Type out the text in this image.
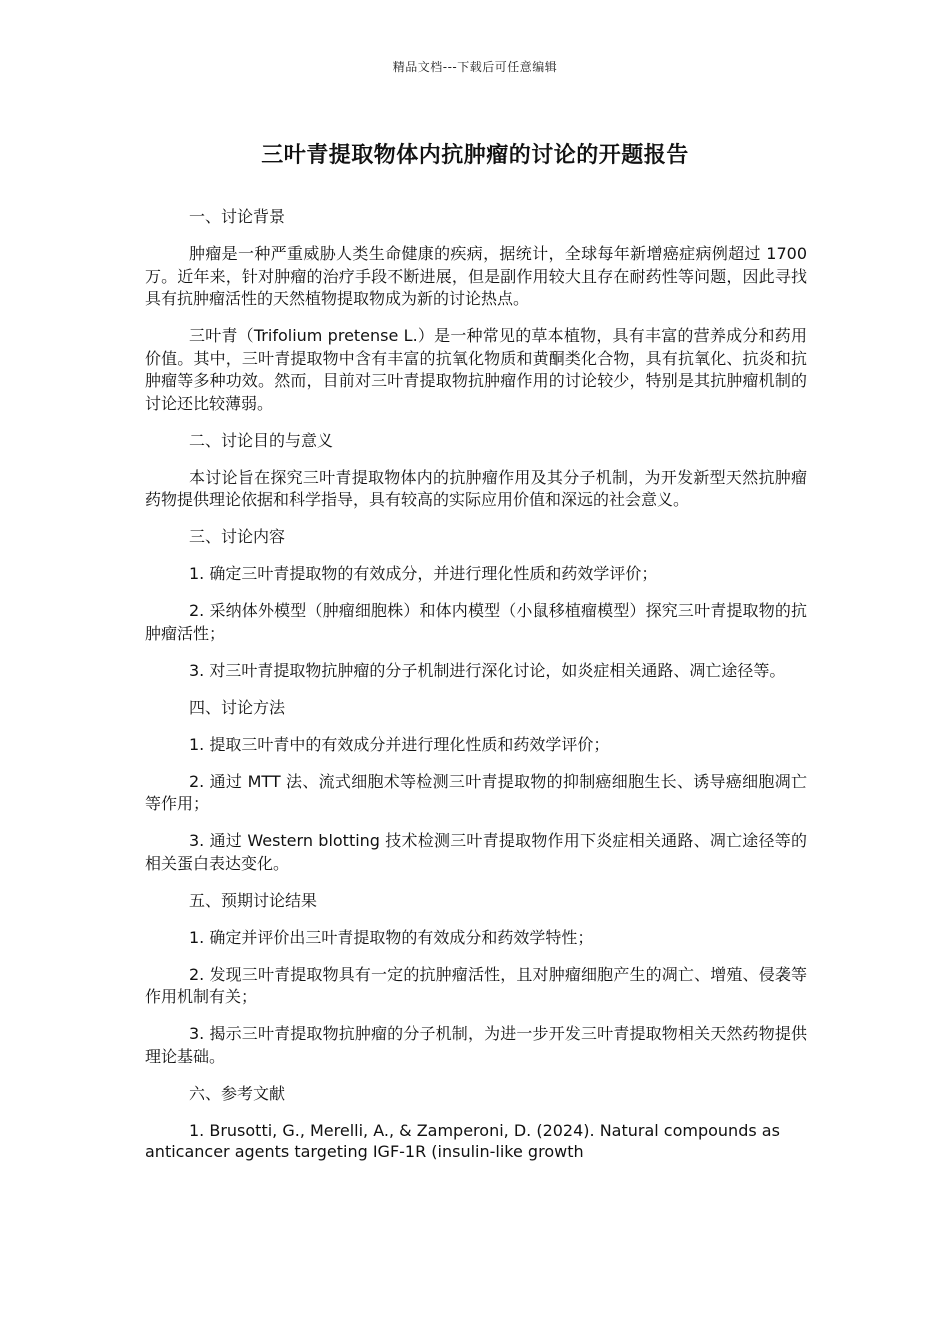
精品文档---下载后可任意编辑
三叶青提取物体内抗肿瘤的讨论的开题报告

一、讨论背景

肿瘤是一种严重威胁人类生命健康的疾病，据统计，全球每年新增癌症病例超过 1700 万。近年来，针对肿瘤的治疗手段不断进展，但是副作用较大且存在耐药性等问题，因此寻找具有抗肿瘤活性的天然植物提取物成为新的讨论热点。

三叶青（Trifolium pretense L.）是一种常见的草本植物，具有丰富的营养成分和药用价值。其中，三叶青提取物中含有丰富的抗氧化物质和黄酮类化合物，具有抗氧化、抗炎和抗肿瘤等多种功效。然而，目前对三叶青提取物抗肿瘤作用的讨论较少，特别是其抗肿瘤机制的讨论还比较薄弱。

二、讨论目的与意义

本讨论旨在探究三叶青提取物体内的抗肿瘤作用及其分子机制，为开发新型天然抗肿瘤药物提供理论依据和科学指导，具有较高的实际应用价值和深远的社会意义。

三、讨论内容

1. 确定三叶青提取物的有效成分，并进行理化性质和药效学评价；

2. 采纳体外模型（肿瘤细胞株）和体内模型（小鼠移植瘤模型）探究三叶青提取物的抗肿瘤活性；

3. 对三叶青提取物抗肿瘤的分子机制进行深化讨论，如炎症相关通路、凋亡途径等。

四、讨论方法

1. 提取三叶青中的有效成分并进行理化性质和药效学评价；

2. 通过 MTT 法、流式细胞术等检测三叶青提取物的抑制癌细胞生长、诱导癌细胞凋亡等作用；

3. 通过 Western blotting 技术检测三叶青提取物作用下炎症相关通路、凋亡途径等的相关蛋白表达变化。

五、预期讨论结果

1. 确定并评价出三叶青提取物的有效成分和药效学特性；

2. 发现三叶青提取物具有一定的抗肿瘤活性，且对肿瘤细胞产生的凋亡、增殖、侵袭等作用机制有关；

3. 揭示三叶青提取物抗肿瘤的分子机制，为进一步开发三叶青提取物相关天然药物提供理论基础。

六、参考文献

1. Brusotti, G., Merelli, A., & Zamperoni, D. (2024). Natural compounds as anticancer agents targeting IGF-1R (insulin-like growth
